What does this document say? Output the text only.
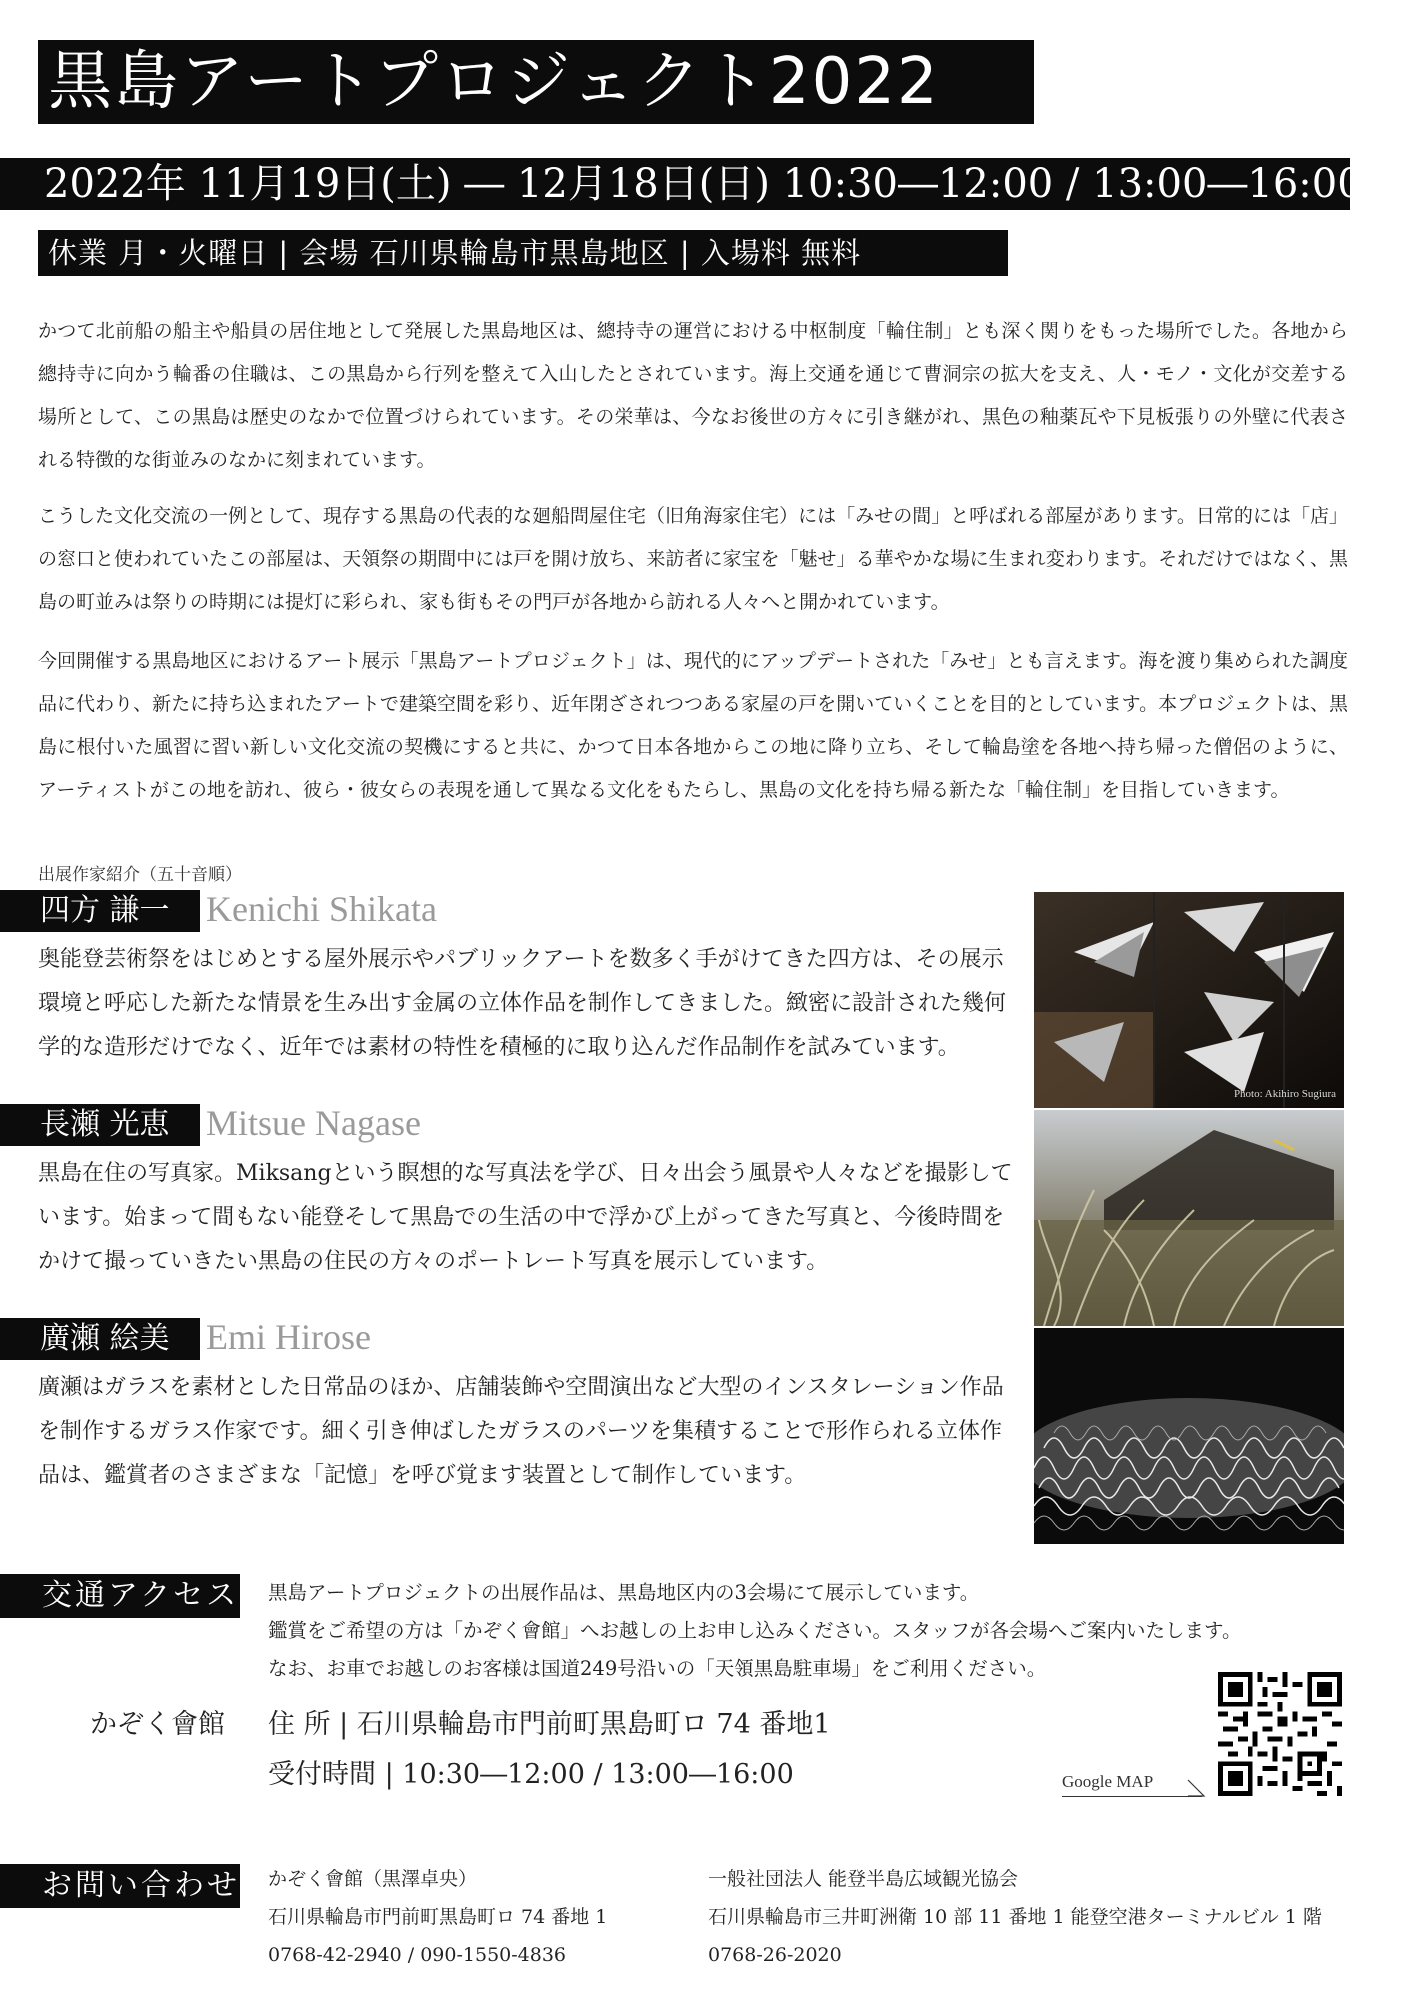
黒島アートプロジェクト2022
2022年 11月19日(土) ― 12月18日(日) 10:30―12:00 / 13:00―16:00
休業 月・火曜日 | 会場 石川県輪島市黒島地区 | 入場料 無料

かつて北前船の船主や船員の居住地として発展した黒島地区は、總持寺の運営における中枢制度「輪住制」とも深く関りをもった場所でした。各地から總持寺に向かう輪番の住職は、この黒島から行列を整えて入山したとされています。海上交通を通じて曹洞宗の拡大を支え、人・モノ・文化が交差する場所として、この黒島は歴史のなかで位置づけられています。その栄華は、今なお後世の方々に引き継がれ、黒色の釉薬瓦や下見板張りの外壁に代表される特徴的な街並みのなかに刻まれています。

こうした文化交流の一例として、現存する黒島の代表的な廻船問屋住宅（旧角海家住宅）には「みせの間」と呼ばれる部屋があります。日常的には「店」の窓口と使われていたこの部屋は、天領祭の期間中には戸を開け放ち、来訪者に家宝を「魅せ」る華やかな場に生まれ変わります。それだけではなく、黒島の町並みは祭りの時期には提灯に彩られ、家も街もその門戸が各地から訪れる人々へと開かれています。

今回開催する黒島地区におけるアート展示「黒島アートプロジェクト」は、現代的にアップデートされた「みせ」とも言えます。海を渡り集められた調度品に代わり、新たに持ち込まれたアートで建築空間を彩り、近年閉ざされつつある家屋の戸を開いていくことを目的としています。本プロジェクトは、黒島に根付いた風習に習い新しい文化交流の契機にすると共に、かつて日本各地からこの地に降り立ち、そして輪島塗を各地へ持ち帰った僧侶のように、アーティストがこの地を訪れ、彼ら・彼女らの表現を通して異なる文化をもたらし、黒島の文化を持ち帰る新たな「輪住制」を目指していきます。

出展作家紹介（五十音順）
四方 謙一 Kenichi Shikata

奥能登芸術祭をはじめとする屋外展示やパブリックアートを数多く手がけてきた四方は、その展示環境と呼応した新たな情景を生み出す金属の立体作品を制作してきました。緻密に設計された幾何学的な造形だけでなく、近年では素材の特性を積極的に取り込んだ作品制作を試みています。

長瀬 光恵 Mitsue Nagase

黒島在住の写真家。Miksangという瞑想的な写真法を学び、日々出会う風景や人々などを撮影しています。始まって間もない能登そして黒島での生活の中で浮かび上がってきた写真と、今後時間をかけて撮っていきたい黒島の住民の方々のポートレート写真を展示しています。

廣瀬 絵美 Emi Hirose

廣瀬はガラスを素材とした日常品のほか、店舗装飾や空間演出など大型のインスタレーション作品を制作するガラス作家です。細く引き伸ばしたガラスのパーツを集積することで形作られる立体作品は、鑑賞者のさまざまな「記憶」を呼び覚ます装置として制作しています。

Photo: Akihiro Sugiura
交通アクセス 黒島アートプロジェクトの出展作品は、黒島地区内の3会場にて展示しています。
鑑賞をご希望の方は「かぞく會館」へお越しの上お申し込みください。スタッフが各会場へご案内いたします。
なお、お車でお越しのお客様は国道249号沿いの「天領黒島駐車場」をご利用ください。
かぞく會館 住 所 | 石川県輪島市門前町黒島町ロ 74 番地1
受付時間 | 10:30―12:00 / 13:00―16:00	Google MAP
お問い合わせ かぞく會館（黒澤卓央）
石川県輪島市門前町黒島町ロ 74 番地 1
0768-42-2940 / 090-1550-4836
一般社団法人 能登半島広域観光協会
石川県輪島市三井町洲衛 10 部 11 番地 1 能登空港ターミナルビル 1 階
0768-26-2020
